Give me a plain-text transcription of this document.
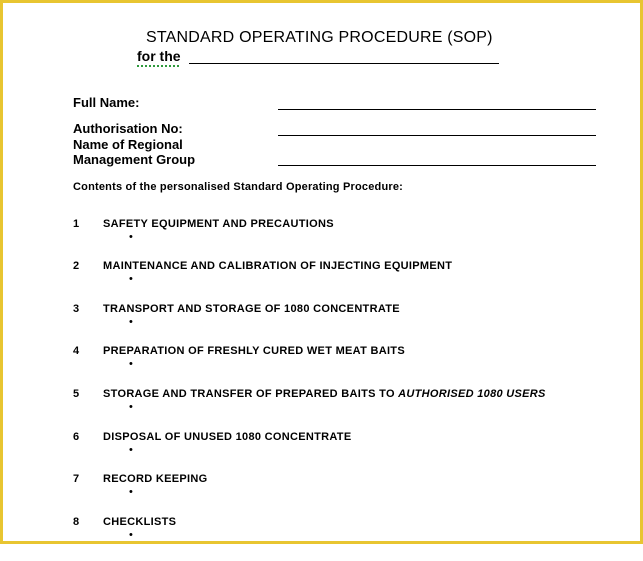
STANDARD OPERATING PROCEDURE (SOP)
for the
Full Name:
Authorisation No:
Name of Regional
Management Group
Contents of the personalised Standard Operating Procedure:
1 SAFETY EQUIPMENT AND PRECAUTIONS
•
2 MAINTENANCE AND CALIBRATION OF INJECTING EQUIPMENT
•
3 TRANSPORT AND STORAGE OF 1080 CONCENTRATE
•
4 PREPARATION OF FRESHLY CURED WET MEAT BAITS
•
5 STORAGE AND TRANSFER OF PREPARED BAITS TO AUTHORISED 1080 USERS
•
6 DISPOSAL OF UNUSED 1080 CONCENTRATE
•
7 RECORD KEEPING
•
8 CHECKLISTS
•
